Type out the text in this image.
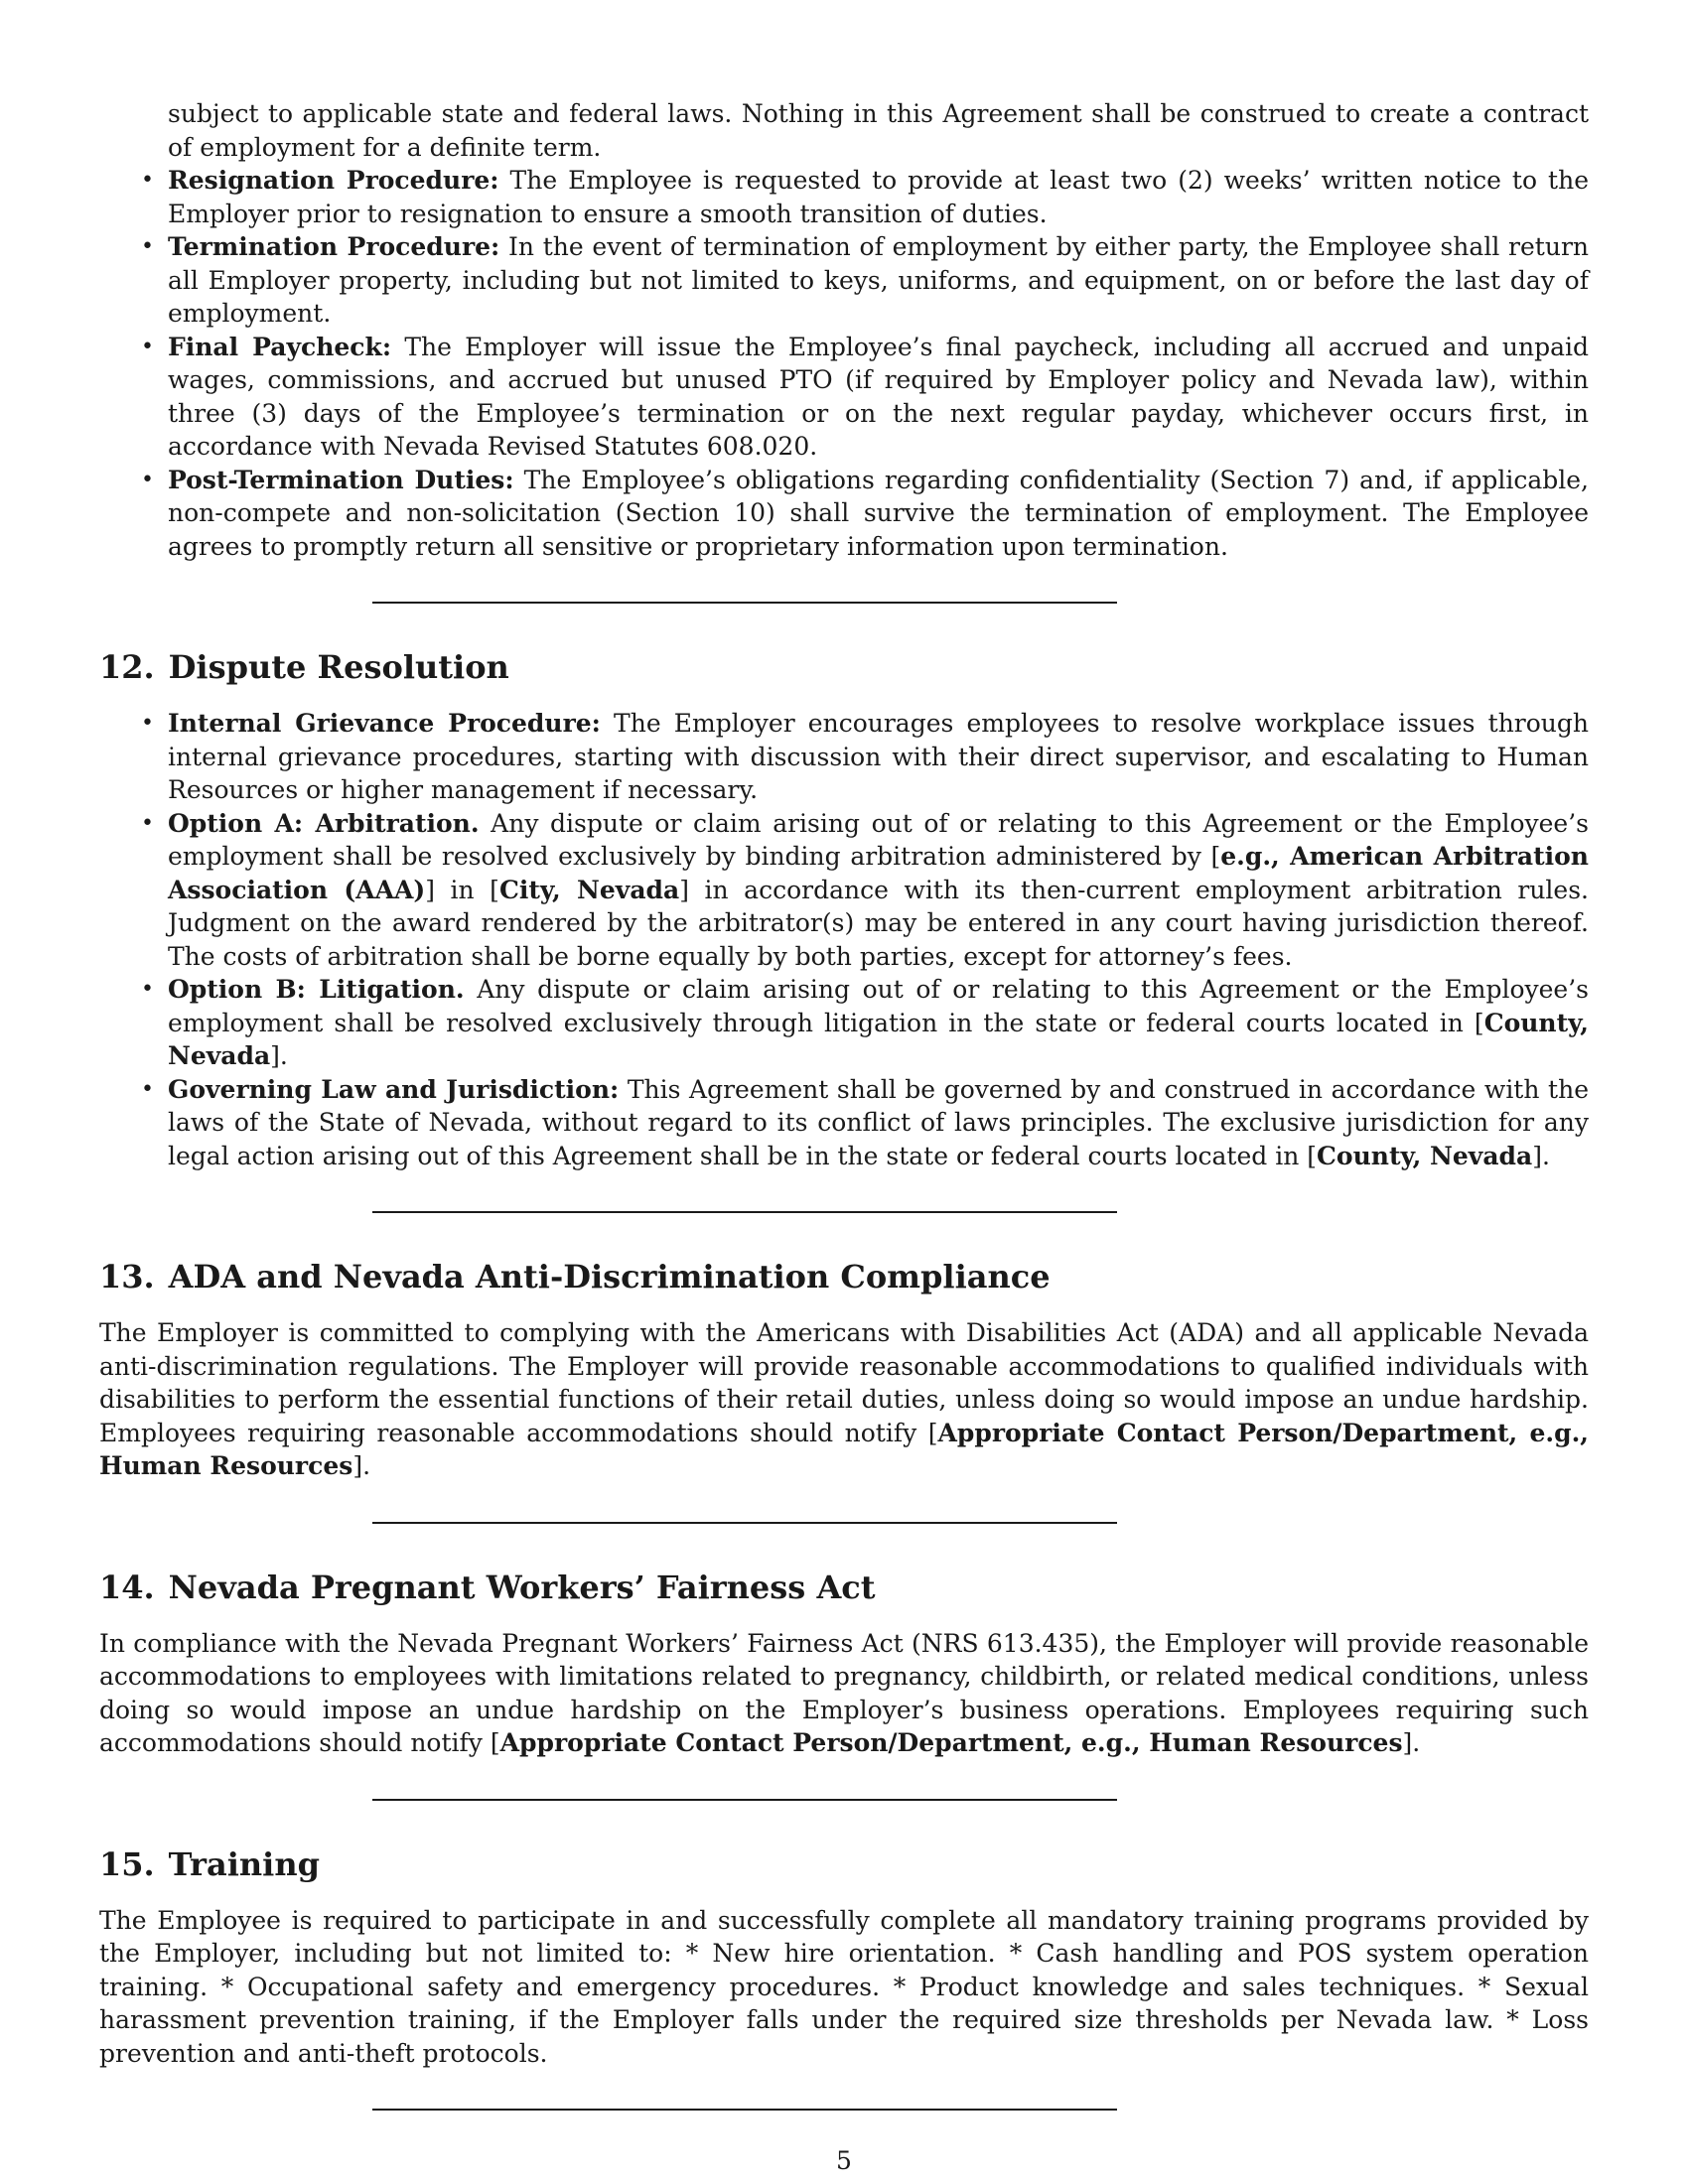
subject to applicable state and federal laws. Nothing in this Agreement shall be construed to create a contract of employment for a definite term.
• Resignation Procedure: The Employee is requested to provide at least two (2) weeks’ written notice to the Employer prior to resignation to ensure a smooth transition of duties.
• Termination Procedure: In the event of termination of employment by either party, the Employee shall return all Employer property, including but not limited to keys, uniforms, and equipment, on or before the last day of employment.
• Final Paycheck: The Employer will issue the Employee’s final paycheck, including all accrued and unpaid wages, commissions, and accrued but unused PTO (if required by Employer policy and Nevada law), within three (3) days of the Employee’s termination or on the next regular payday, whichever occurs first, in accordance with Nevada Revised Statutes 608.020.
• Post-Termination Duties: The Employee’s obligations regarding confidentiality (Section 7) and, if applicable, non-compete and non-solicitation (Section 10) shall survive the termination of employment. The Employee agrees to promptly return all sensitive or proprietary information upon termination.
12. Dispute Resolution
• Internal Grievance Procedure: The Employer encourages employees to resolve workplace issues through internal grievance procedures, starting with discussion with their direct supervisor, and escalating to Human Resources or higher management if necessary.
• Option A: Arbitration. Any dispute or claim arising out of or relating to this Agreement or the Employee’s employment shall be resolved exclusively by binding arbitration administered by [e.g., American Arbitration Association (AAA)] in [City, Nevada] in accordance with its then-current employment arbitration rules. Judgment on the award rendered by the arbitrator(s) may be entered in any court having jurisdiction thereof. The costs of arbitration shall be borne equally by both parties, except for attorney’s fees.
• Option B: Litigation. Any dispute or claim arising out of or relating to this Agreement or the Employee’s employment shall be resolved exclusively through litigation in the state or federal courts located in [County, Nevada].
• Governing Law and Jurisdiction: This Agreement shall be governed by and construed in accordance with the laws of the State of Nevada, without regard to its conflict of laws principles. The exclusive jurisdiction for any legal action arising out of this Agreement shall be in the state or federal courts located in [County, Nevada].
13. ADA and Nevada Anti-Discrimination Compliance

The Employer is committed to complying with the Americans with Disabilities Act (ADA) and all applicable Nevada anti-discrimination regulations. The Employer will provide reasonable accommodations to qualified individuals with disabilities to perform the essential functions of their retail duties, unless doing so would impose an undue hardship. Employees requiring reasonable accommodations should notify [Appropriate Contact Person/Department, e.g., Human Resources].

14. Nevada Pregnant Workers’ Fairness Act

In compliance with the Nevada Pregnant Workers’ Fairness Act (NRS 613.435), the Employer will provide reasonable accommodations to employees with limitations related to pregnancy, childbirth, or related medical conditions, unless doing so would impose an undue hardship on the Employer’s business operations. Employees requiring such accommodations should notify [Appropriate Contact Person/Department, e.g., Human Resources].

15. Training

The Employee is required to participate in and successfully complete all mandatory training programs provided by the Employer, including but not limited to: * New hire orientation. * Cash handling and POS system operation training. * Occupational safety and emergency procedures. * Product knowledge and sales techniques. * Sexual harassment prevention training, if the Employer falls under the required size thresholds per Nevada law. * Loss prevention and anti-theft protocols.

5
